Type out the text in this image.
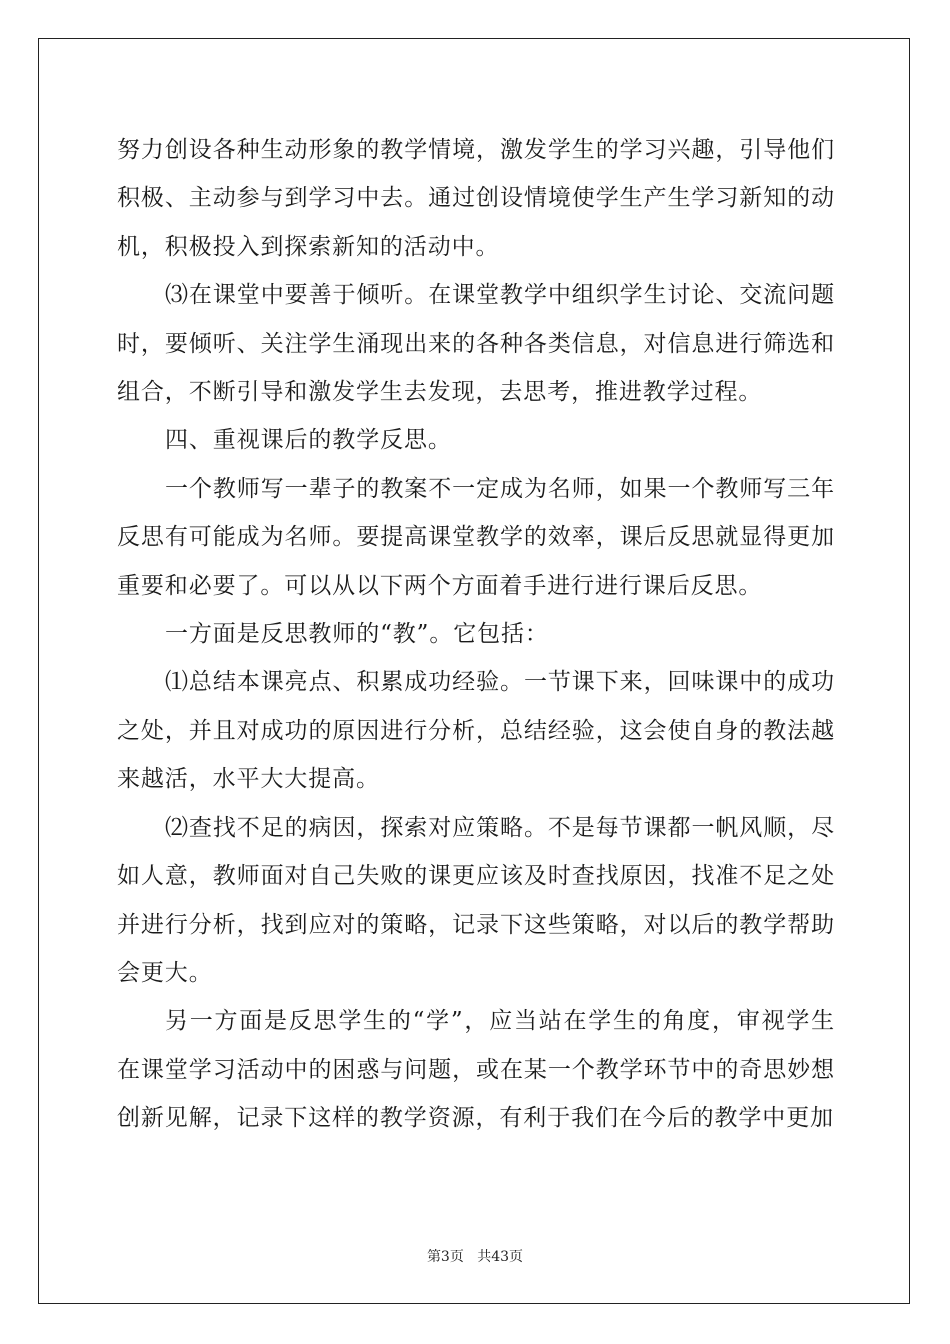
努力创设各种生动形象的教学情境，激发学生的学习兴趣，引导他们积极、主动参与到学习中去。通过创设情境使学生产生学习新知的动机，积极投入到探索新知的活动中。

⑶在课堂中要善于倾听。在课堂教学中组织学生讨论、交流问题时，要倾听、关注学生涌现出来的各种各类信息，对信息进行筛选和组合，不断引导和激发学生去发现，去思考，推进教学过程。

四、重视课后的教学反思。

一个教师写一辈子的教案不一定成为名师，如果一个教师写三年反思有可能成为名师。要提高课堂教学的效率，课后反思就显得更加重要和必要了。可以从以下两个方面着手进行进行课后反思。

一方面是反思教师的“教”。它包括：

⑴总结本课亮点、积累成功经验。一节课下来，回味课中的成功之处，并且对成功的原因进行分析，总结经验，这会使自身的教法越来越活，水平大大提高。

⑵查找不足的病因，探索对应策略。不是每节课都一帆风顺，尽如人意，教师面对自己失败的课更应该及时查找原因，找准不足之处并进行分析，找到应对的策略，记录下这些策略，对以后的教学帮助会更大。

另一方面是反思学生的“学”，应当站在学生的角度，审视学生在课堂学习活动中的困惑与问题，或在某一个教学环节中的奇思妙想创新见解，记录下这样的教学资源，有利于我们在今后的教学中更加

第3页 共43页
